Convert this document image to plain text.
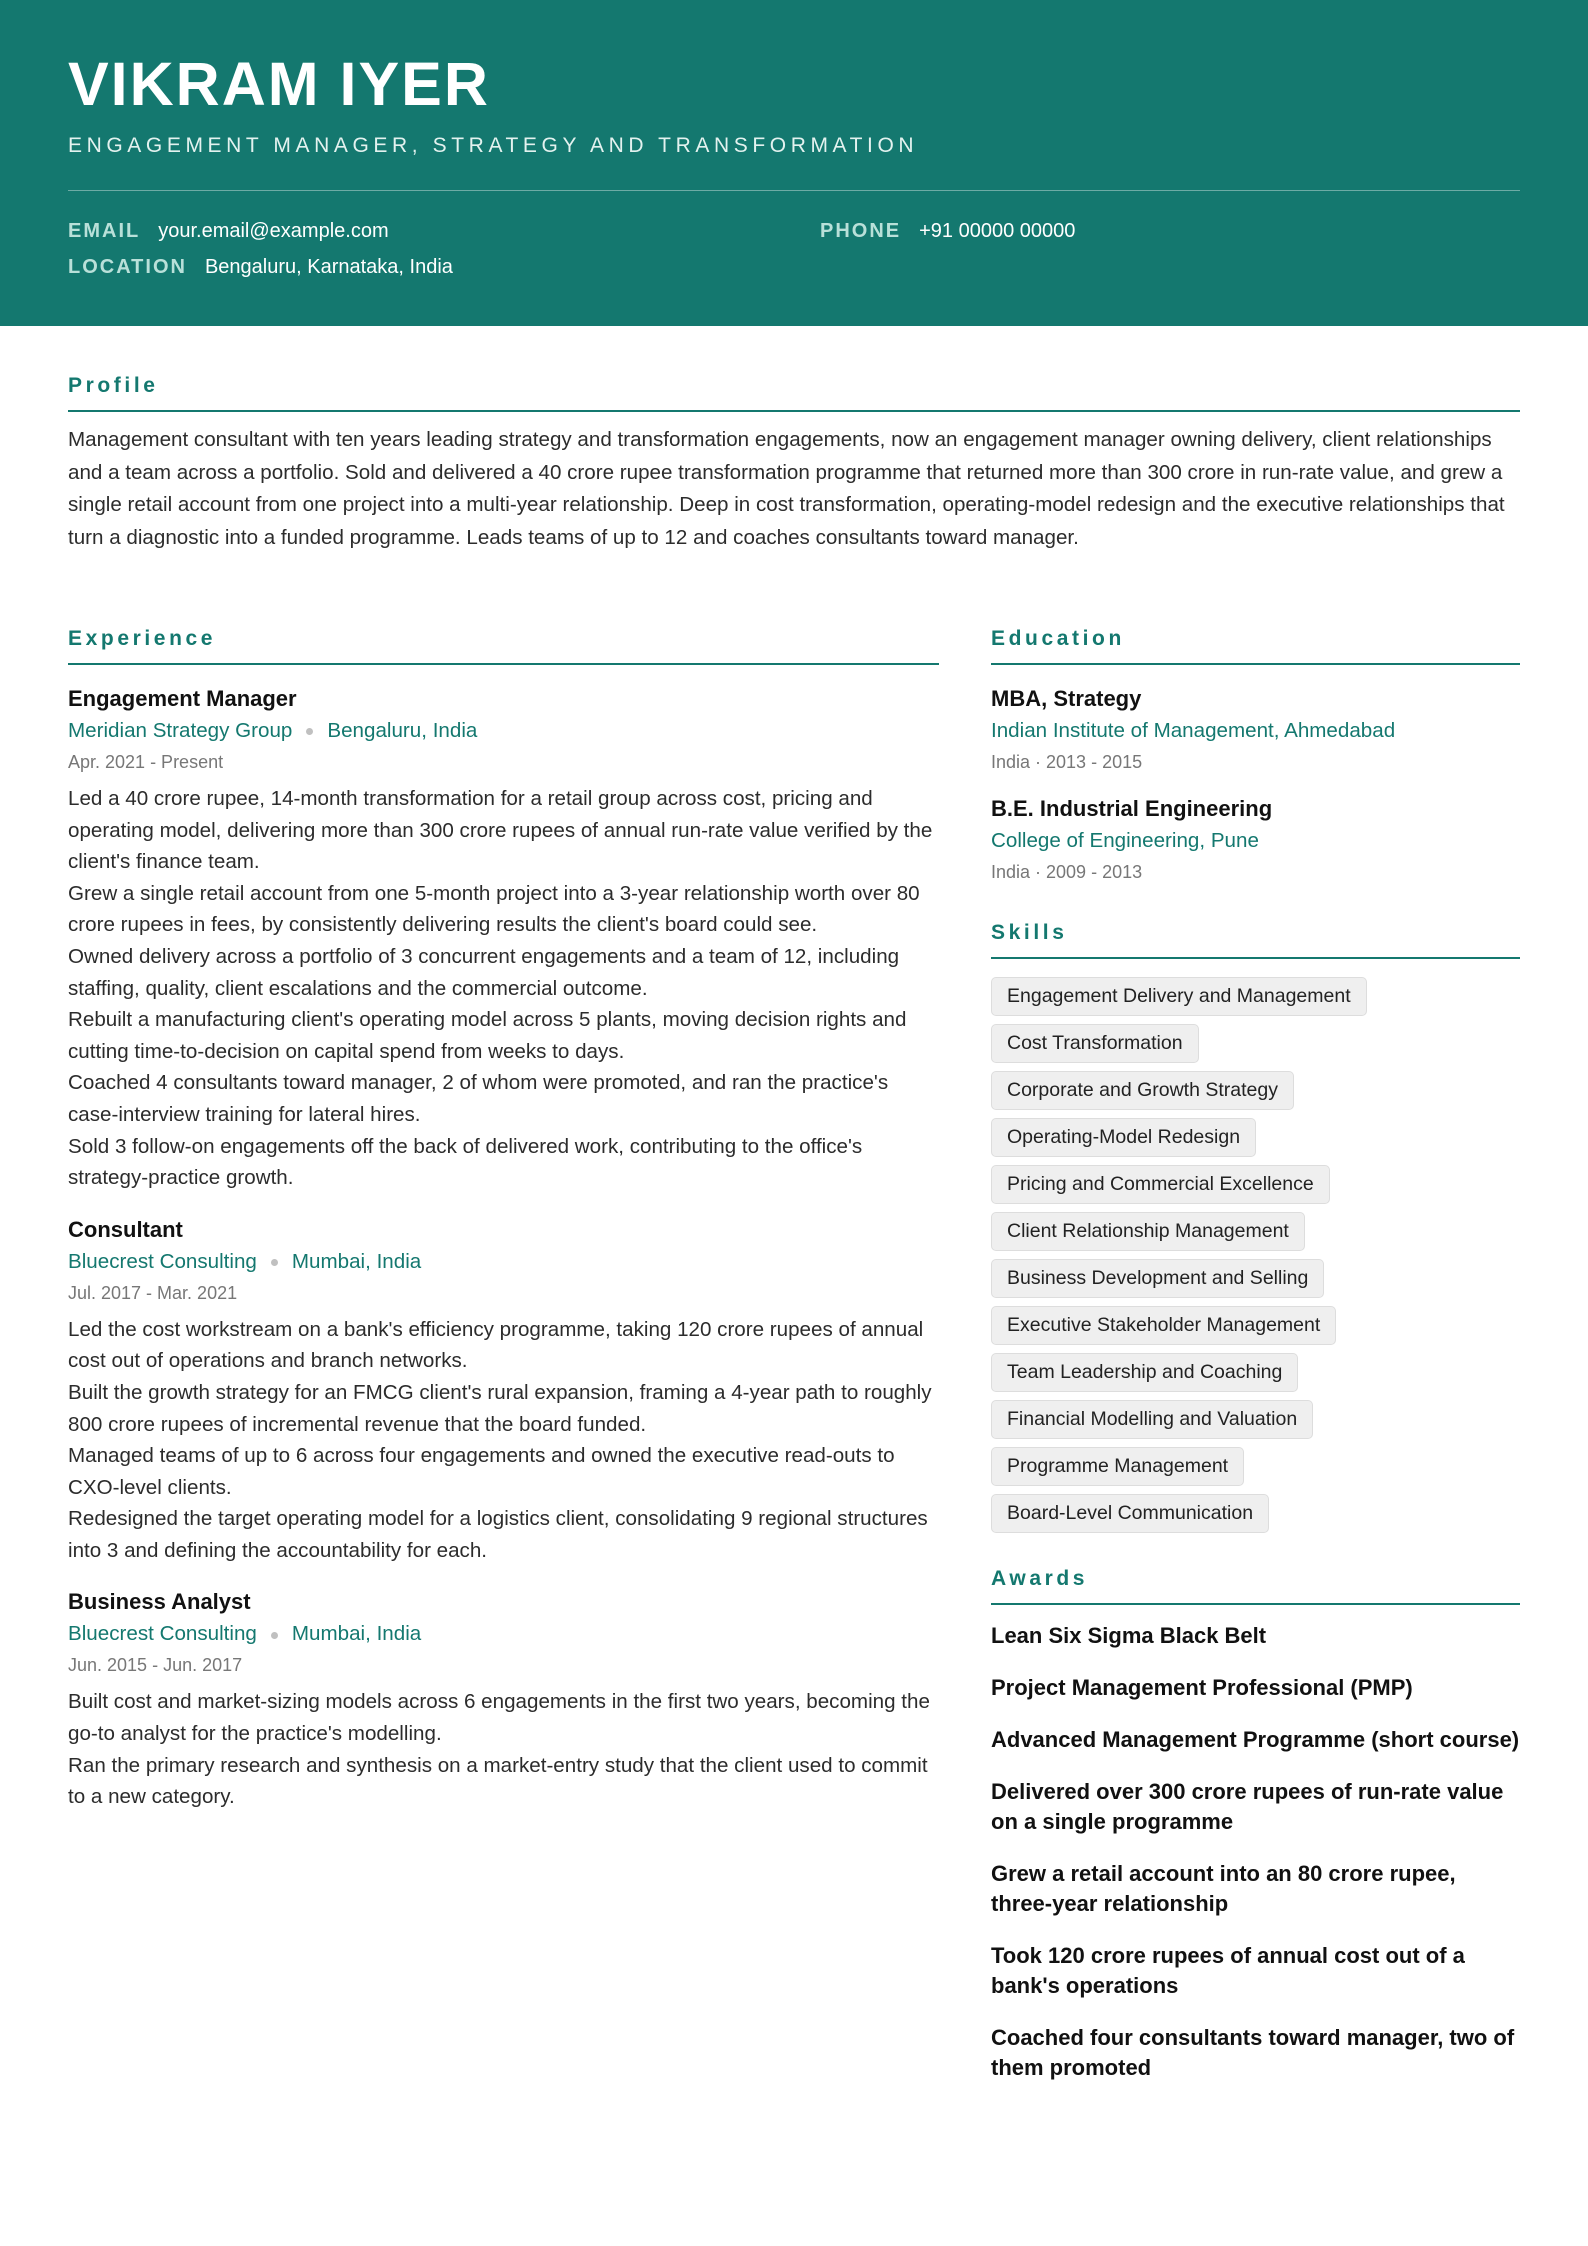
VIKRAM IYER
ENGAGEMENT MANAGER, STRATEGY AND TRANSFORMATION
EMAIL your.email@example.com	PHONE +91 00000 00000
LOCATION Bengaluru, Karnataka, India
Profile

Management consultant with ten years leading strategy and transformation engagements, now an engagement manager owning delivery, client relationships and a team across a portfolio. Sold and delivered a 40 crore rupee transformation programme that returned more than 300 crore in run-rate value, and grew a single retail account from one project into a multi-year relationship. Deep in cost transformation, operating-model redesign and the executive relationships that turn a diagnostic into a funded programme. Leads teams of up to 12 and coaches consultants toward manager.

Experience
Engagement Manager
Meridian Strategy Group Bengaluru, India
Apr. 2021 - Present
Led a 40 crore rupee, 14-month transformation for a retail group across cost, pricing and operating model, delivering more than 300 crore rupees of annual run-rate value verified by the client's finance team.
Grew a single retail account from one 5-month project into a 3-year relationship worth over 80 crore rupees in fees, by consistently delivering results the client's board could see.
Owned delivery across a portfolio of 3 concurrent engagements and a team of 12, including staffing, quality, client escalations and the commercial outcome.
Rebuilt a manufacturing client's operating model across 5 plants, moving decision rights and cutting time-to-decision on capital spend from weeks to days.
Coached 4 consultants toward manager, 2 of whom were promoted, and ran the practice's case-interview training for lateral hires.
Sold 3 follow-on engagements off the back of delivered work, contributing to the office's strategy-practice growth.
Consultant
Bluecrest Consulting Mumbai, India
Jul. 2017 - Mar. 2021
Led the cost workstream on a bank's efficiency programme, taking 120 crore rupees of annual cost out of operations and branch networks.
Built the growth strategy for an FMCG client's rural expansion, framing a 4-year path to roughly 800 crore rupees of incremental revenue that the board funded.
Managed teams of up to 6 across four engagements and owned the executive read-outs to CXO-level clients.
Redesigned the target operating model for a logistics client, consolidating 9 regional structures into 3 and defining the accountability for each.
Business Analyst
Bluecrest Consulting Mumbai, India
Jun. 2015 - Jun. 2017
Built cost and market-sizing models across 6 engagements in the first two years, becoming the go-to analyst for the practice's modelling.
Ran the primary research and synthesis on a market-entry study that the client used to commit to a new category.
Education
MBA, Strategy
Indian Institute of Management, Ahmedabad
India · 2013 - 2015
B.E. Industrial Engineering
College of Engineering, Pune
India · 2009 - 2013
Skills
Engagement Delivery and Management
Cost Transformation
Corporate and Growth Strategy
Operating-Model Redesign
Pricing and Commercial Excellence
Client Relationship Management
Business Development and Selling
Executive Stakeholder Management
Team Leadership and Coaching
Financial Modelling and Valuation
Programme Management
Board-Level Communication
Awards
Lean Six Sigma Black Belt
Project Management Professional (PMP)
Advanced Management Programme (short course)
Delivered over 300 crore rupees of run-rate value on a single programme
Grew a retail account into an 80 crore rupee, three-year relationship
Took 120 crore rupees of annual cost out of a bank's operations
Coached four consultants toward manager, two of them promoted
